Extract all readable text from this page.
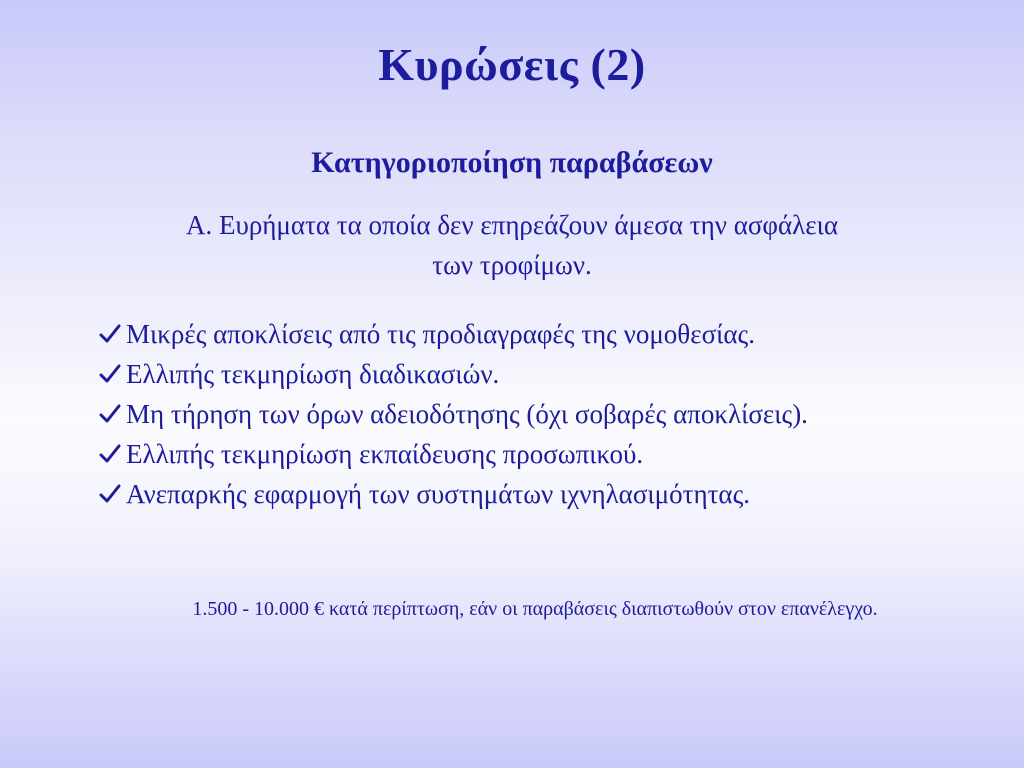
Κυρώσεις (2)
Κατηγοριοποίηση παραβάσεων
Α. Ευρήματα τα οποία δεν επηρεάζουν άμεσα την ασφάλεια
των τροφίμων.
Μικρές αποκλίσεις από τις προδιαγραφές της νομοθεσίας.
Ελλιπής τεκμηρίωση διαδικασιών.
Μη τήρηση των όρων αδειοδότησης (όχι σοβαρές αποκλίσεις).
Ελλιπής τεκμηρίωση εκπαίδευσης προσωπικού.
Ανεπαρκής εφαρμογή των συστημάτων ιχνηλασιμότητας.
1.500 - 10.000 € κατά περίπτωση, εάν οι παραβάσεις διαπιστωθούν στον επανέλεγχο.
